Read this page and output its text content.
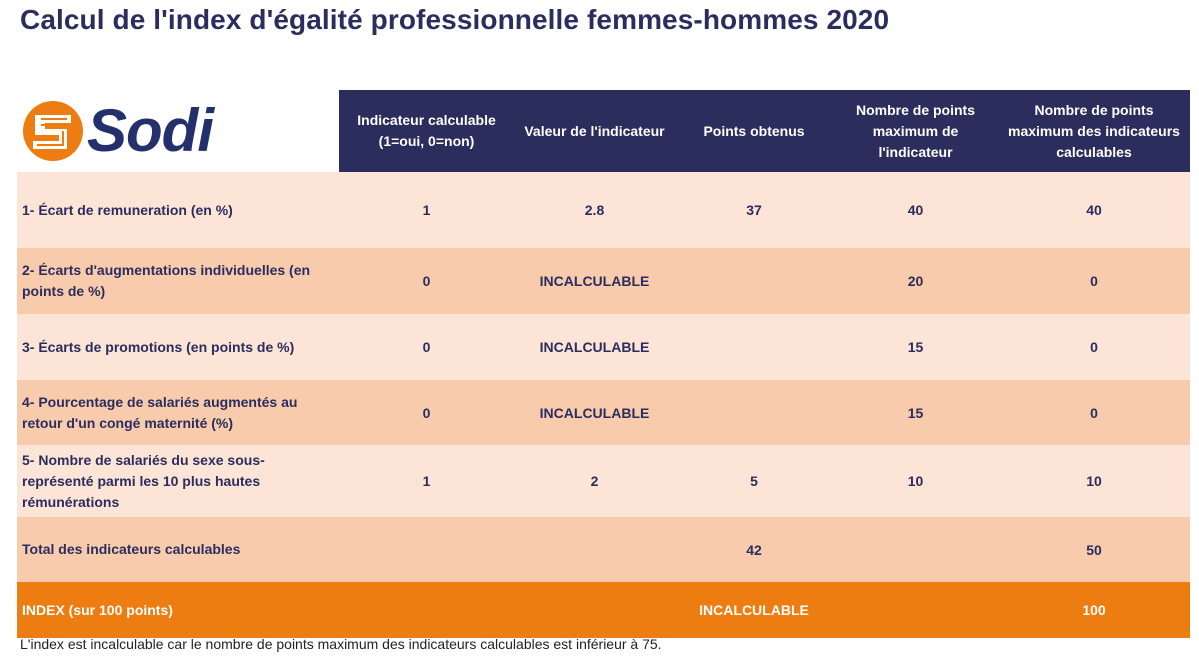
Calcul de l'index d'égalité professionnelle femmes-hommes 2020
Sodi
		Indicateur calculable (1=oui, 0=non)	Valeur de l'indicateur	Points obtenus	Nombre de points maximum de l'indicateur	Nombre de points maximum des indicateurs calculables
1- Écart de remuneration (en %)	1	2.8	37	40	40
2- Écarts d'augmentations individuelles (en points de %)	0	INCALCULABLE		20	0
3- Écarts de promotions (en points de %)	0	INCALCULABLE		15	0
4- Pourcentage de salariés augmentés au retour d'un congé maternité (%)	0	INCALCULABLE		15	0
5- Nombre de salariés du sexe sous-représenté parmi les 10 plus hautes rémunérations	1	2	5	10	10
Total des indicateurs calculables			42		50
INDEX (sur 100 points)			INCALCULABLE		100

L'index est incalculable car le nombre de points maximum des indicateurs calculables est inférieur à 75.
